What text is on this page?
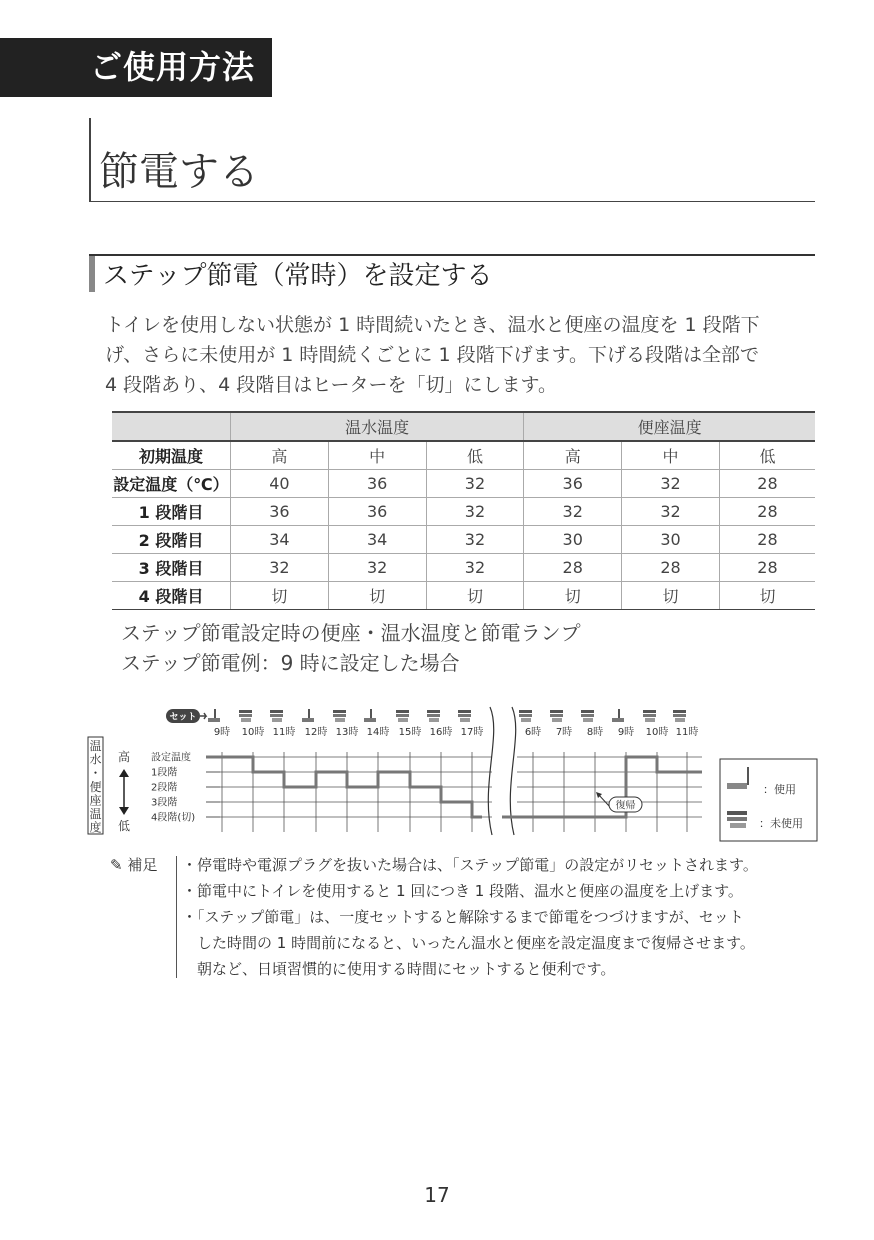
ご使用方法
節電する
ステップ節電（常時）を設定する
トイレを使用しない状態が 1 時間続いたとき、温水と便座の温度を 1 段階下
げ、さらに未使用が 1 時間続くごとに 1 段階下げます。下げる段階は全部で
4 段階あり、4 段階目はヒーターを「切」にします。
	温水温度			便座温度		
初期温度	高	中	低	高	中	低
設定温度（℃）	40	36	32	36	32	28
1 段階目	36	36	32	32	32	28
2 段階目	34	34	32	30	30	28
3 段階目	32	32	32	28	28	28
4 段階目	切	切	切	切	切	切
ステップ節電設定時の便座・温水温度と節電ランプ
ステップ節電例：9 時に設定した場合
温
水
・
便
座
温
度
高
低
設定温度
1段階
2段階
3段階
4段階(切)
9時 10時 11時 12時 13時 14時 15時 16時 17時	6時 7時 8時 9時 10時 11時
セット
復帰
：使用
：未使用
✎ 補足 ・停電時や電源プラグを抜いた場合は、「ステップ節電」の設定がリセットされます。
・節電中にトイレを使用すると 1 回につき 1 段階、温水と便座の温度を上げます。
・「ステップ節電」は、一度セットすると解除するまで節電をつづけますが、セット
　した時間の 1 時間前になると、いったん温水と便座を設定温度まで復帰させます。
　朝など、日頃習慣的に使用する時間にセットすると便利です。
17
